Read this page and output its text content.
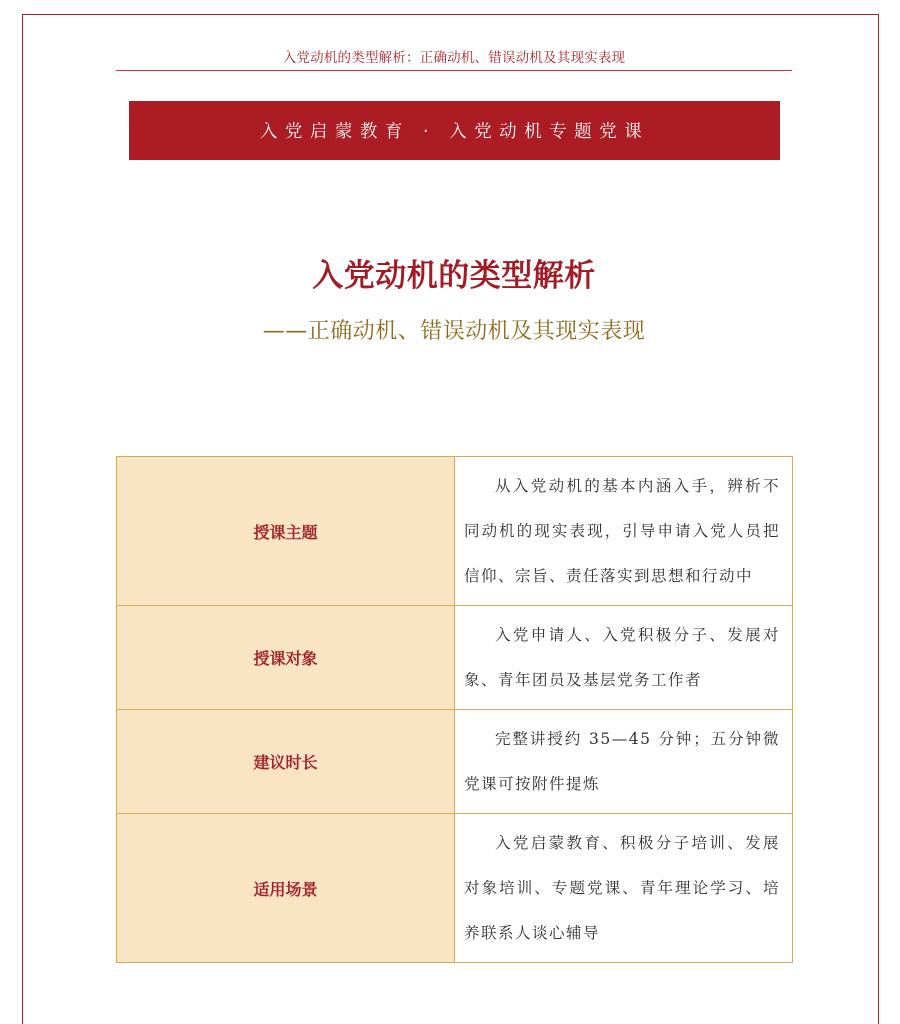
入党动机的类型解析：正确动机、错误动机及其现实表现
入党启蒙教育 · 入党动机专题党课
入党动机的类型解析
——正确动机、错误动机及其现实表现
授课主题	从入党动机的基本内涵入手，辨析不同动机的现实表现，引导申请入党人员把信仰、宗旨、责任落实到思想和行动中
授课对象	入党申请人、入党积极分子、发展对象、青年团员及基层党务工作者
建议时长	完整讲授约 35—45 分钟；五分钟微党课可按附件提炼
适用场景	入党启蒙教育、积极分子培训、发展对象培训、专题党课、青年理论学习、培养联系人谈心辅导
